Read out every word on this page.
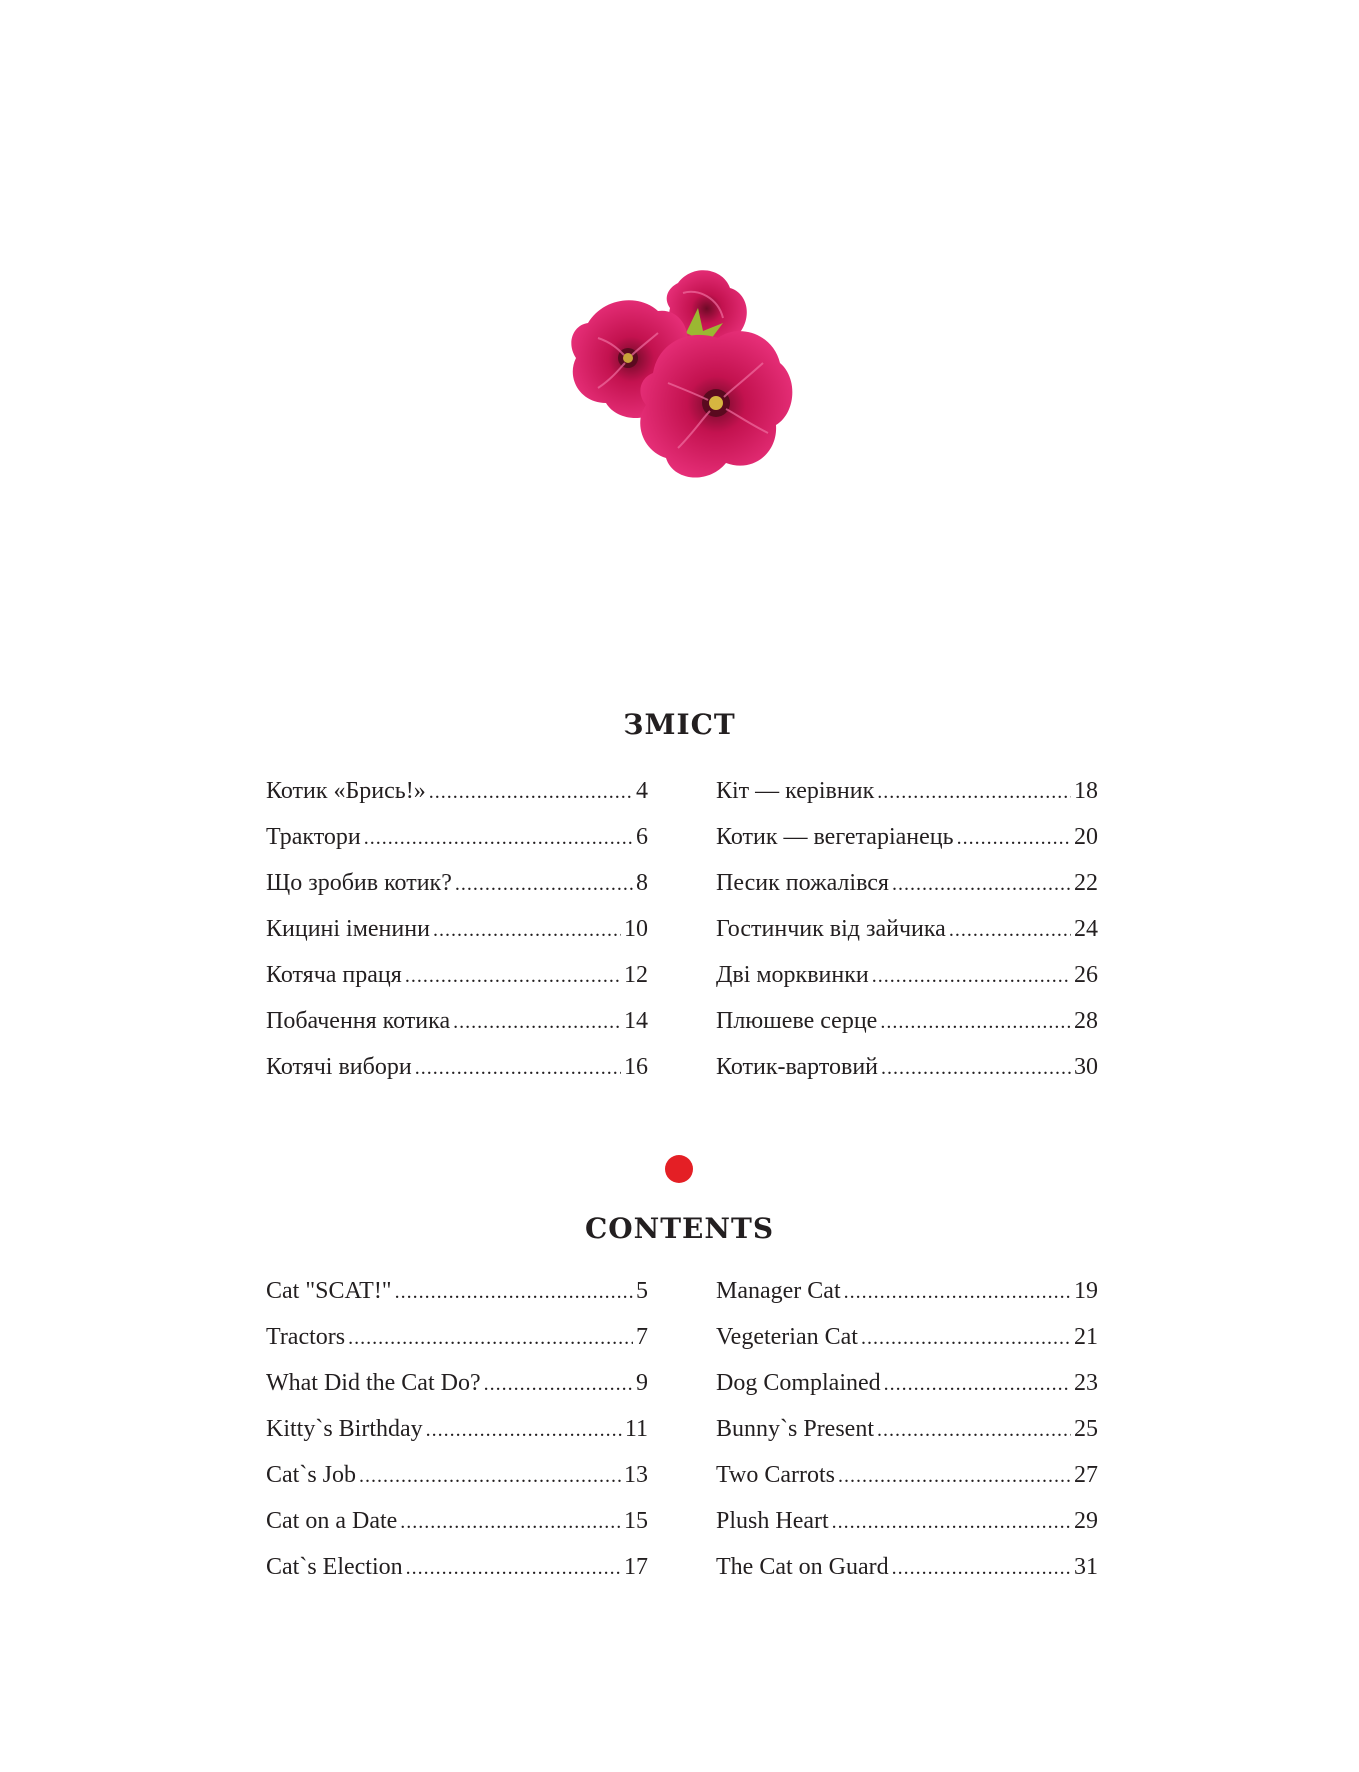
ЗМІСТ
Котик «Брись!» .....	4
Трактори .....	6
Що зробив котик? .....	8
Кицині іменини .....	10
Котяча праця .....	12
Побачення котика .....	14
Котячі вибори .....	16
Кіт — керівник .....	18
Котик — вегетаріанець .....	20
Песик пожалівся .....	22
Гостинчик від зайчика .....	24
Дві морквинки .....	26
Плюшеве серце .....	28
Котик-вартовий .....	30
CONTENTS
Cat "SCAT!" .....	5
Tractors .....	7
What Did the Cat Do? .....	9
Kitty`s Birthday .....	11
Cat`s Job .....	13
Cat on a Date .....	15
Cat`s Election .....	17
Manager Cat .....	19
Vegeterian Cat .....	21
Dog Complained .....	23
Bunny`s Present .....	25
Two Carrots .....	27
Plush Heart .....	29
The Cat on Guard .....	31
